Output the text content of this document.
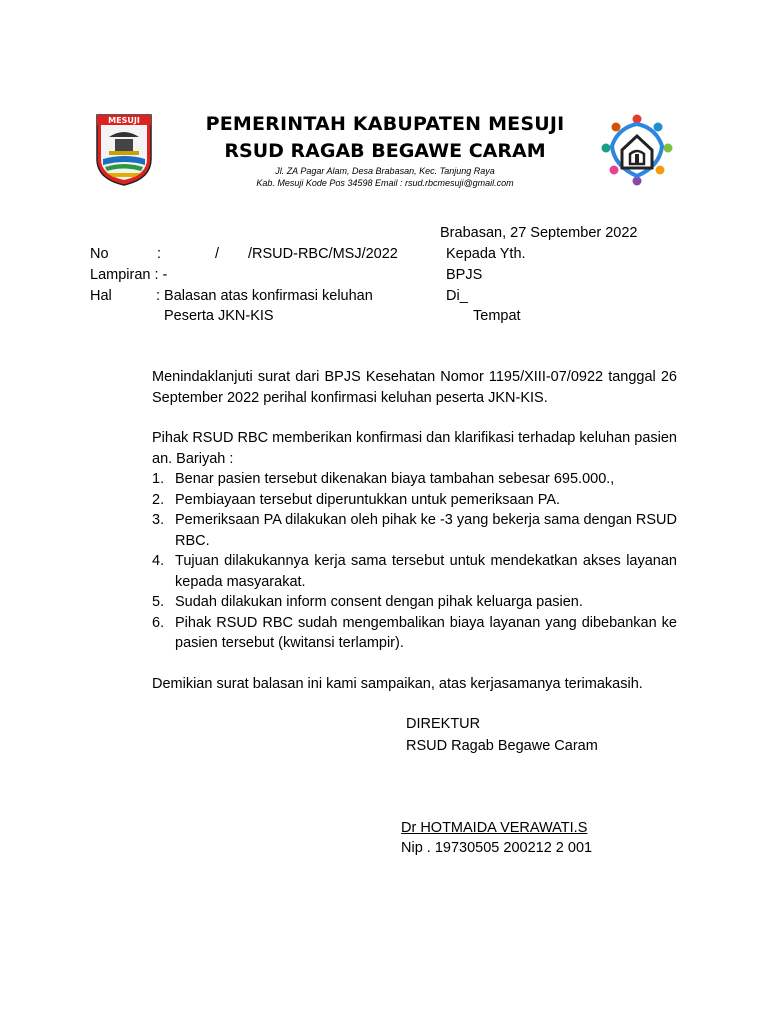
MESUJI	PEMERINTAH KABUPATEN MESUJI
RSUD RAGAB BEGAWE CARAM
Jl. ZA Pagar Alam, Desa Brabasan, Kec. Tanjung Raya
Kab. Mesuji Kode Pos 34598 Email : rsud.rbcmesuji@gmail.com
Brabasan, 27 September 2022
No	:	/ /RSUD-RBC/MSJ/2022
Lampiran : -
Hal	: Balasan atas konfirmasi keluhan
Peserta JKN-KIS
Kepada Yth.
BPJS
Di_
Tempat
Menindaklanjuti surat dari BPJS Kesehatan Nomor 1195/XIII-07/0922 tanggal 26 September 2022 perihal konfirmasi keluhan peserta JKN-KIS.
Pihak RSUD RBC memberikan konfirmasi dan klarifikasi terhadap keluhan pasien an. Bariyah :
1. Benar pasien tersebut dikenakan biaya tambahan sebesar 695.000.,
2. Pembiayaan tersebut diperuntukkan untuk pemeriksaan PA.
3. Pemeriksaan PA dilakukan oleh pihak ke -3 yang bekerja sama dengan RSUD RBC.
4. Tujuan dilakukannya kerja sama tersebut untuk mendekatkan akses layanan kepada masyarakat.
5. Sudah dilakukan inform consent dengan pihak keluarga pasien.
6. Pihak RSUD RBC sudah mengembalikan biaya layanan yang dibebankan ke pasien tersebut (kwitansi terlampir).
Demikian surat balasan ini kami sampaikan, atas kerjasamanya terimakasih.
DIREKTUR
RSUD Ragab Begawe Caram
Dr HOTMAIDA VERAWATI.S
Nip . 19730505 200212 2 001
